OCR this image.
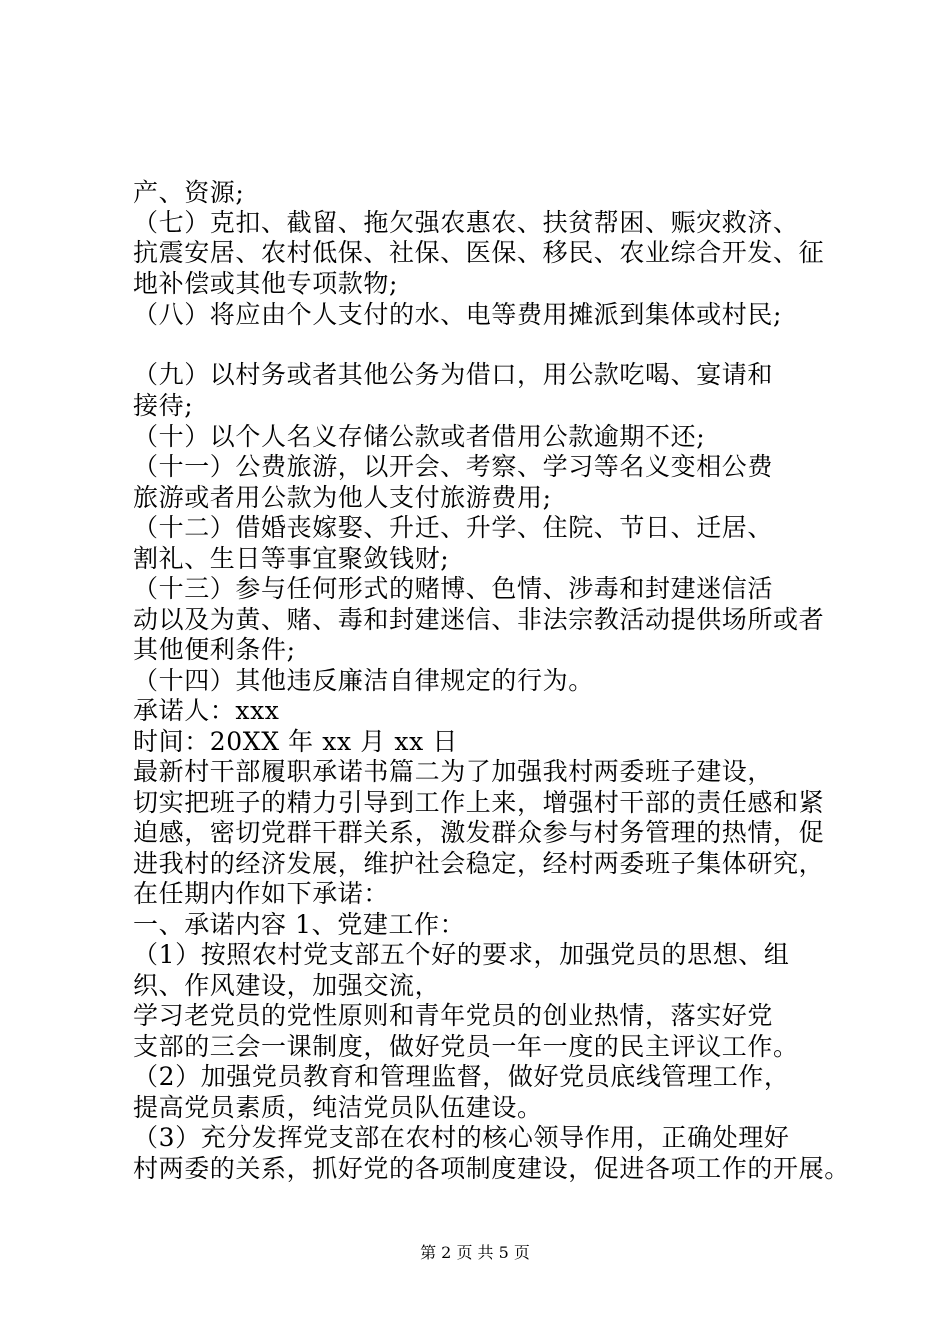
产、资源;
（七）克扣、截留、拖欠强农惠农、扶贫帮困、赈灾救济、
抗震安居、农村低保、社保、医保、移民、农业综合开发、征
地补偿或其他专项款物;
（八）将应由个人支付的水、电等费用摊派到集体或村民;
（九）以村务或者其他公务为借口，用公款吃喝、宴请和
接待;
（十）以个人名义存储公款或者借用公款逾期不还;
（十一）公费旅游，以开会、考察、学习等名义变相公费
旅游或者用公款为他人支付旅游费用;
（十二）借婚丧嫁娶、升迁、升学、住院、节日、迁居、
割礼、生日等事宜聚敛钱财;
（十三）参与任何形式的赌博、色情、涉毒和封建迷信活
动以及为黄、赌、毒和封建迷信、非法宗教活动提供场所或者
其他便利条件;
（十四）其他违反廉洁自律规定的行为。
承诺人：xxx
时间：20XX 年 xx 月 xx 日
最新村干部履职承诺书篇二为了加强我村两委班子建设，
切实把班子的精力引导到工作上来，增强村干部的责任感和紧
迫感，密切党群干群关系，激发群众参与村务管理的热情，促
进我村的经济发展，维护社会稳定，经村两委班子集体研究，
在任期内作如下承诺：
一、承诺内容 1、党建工作：
（1）按照农村党支部五个好的要求，加强党员的思想、组
织、作风建设，加强交流，
学习老党员的党性原则和青年党员的创业热情，落实好党
支部的三会一课制度，做好党员一年一度的民主评议工作。
（2）加强党员教育和管理监督，做好党员底线管理工作，
提高党员素质，纯洁党员队伍建设。
（3）充分发挥党支部在农村的核心领导作用，正确处理好
村两委的关系，抓好党的各项制度建设，促进各项工作的开展。
第 2 页 共 5 页
